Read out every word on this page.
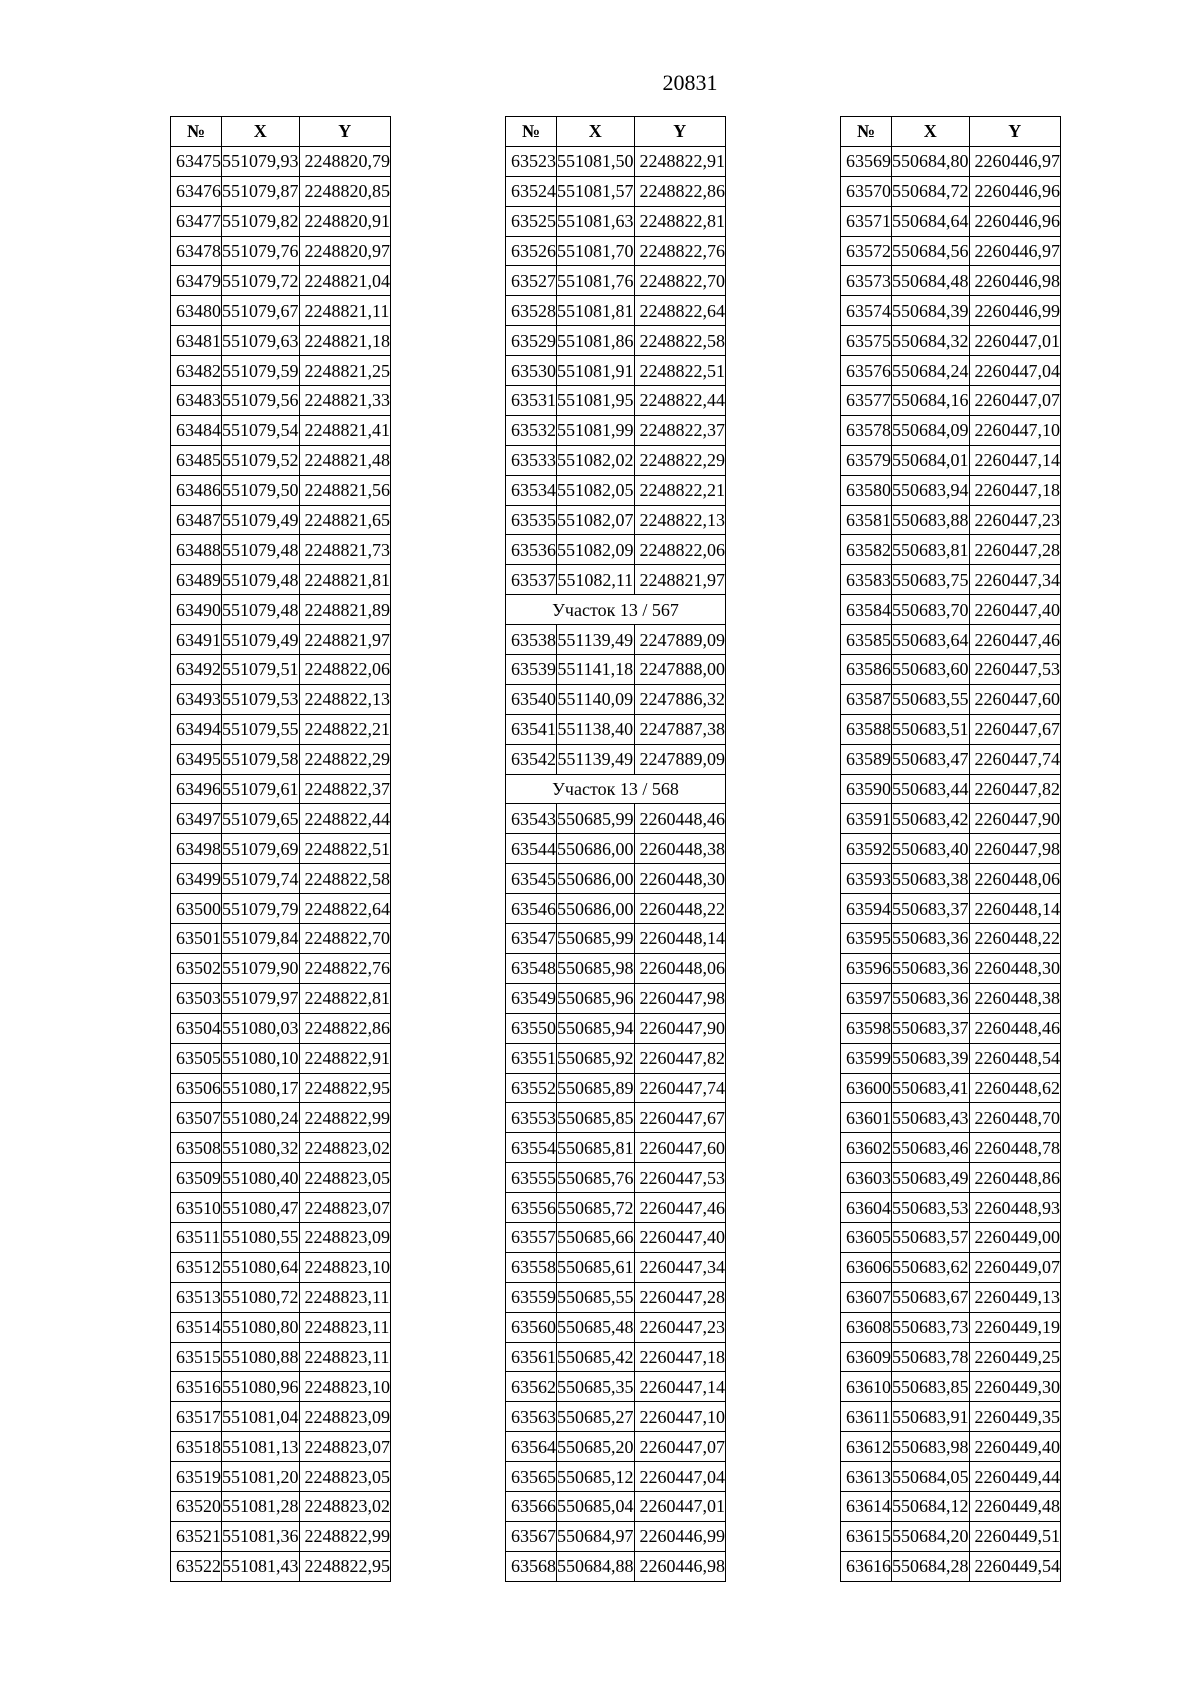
20831
№	X	Y
63475	551079,93	2248820,79
63476	551079,87	2248820,85
63477	551079,82	2248820,91
63478	551079,76	2248820,97
63479	551079,72	2248821,04
63480	551079,67	2248821,11
63481	551079,63	2248821,18
63482	551079,59	2248821,25
63483	551079,56	2248821,33
63484	551079,54	2248821,41
63485	551079,52	2248821,48
63486	551079,50	2248821,56
63487	551079,49	2248821,65
63488	551079,48	2248821,73
63489	551079,48	2248821,81
63490	551079,48	2248821,89
63491	551079,49	2248821,97
63492	551079,51	2248822,06
63493	551079,53	2248822,13
63494	551079,55	2248822,21
63495	551079,58	2248822,29
63496	551079,61	2248822,37
63497	551079,65	2248822,44
63498	551079,69	2248822,51
63499	551079,74	2248822,58
63500	551079,79	2248822,64
63501	551079,84	2248822,70
63502	551079,90	2248822,76
63503	551079,97	2248822,81
63504	551080,03	2248822,86
63505	551080,10	2248822,91
63506	551080,17	2248822,95
63507	551080,24	2248822,99
63508	551080,32	2248823,02
63509	551080,40	2248823,05
63510	551080,47	2248823,07
63511	551080,55	2248823,09
63512	551080,64	2248823,10
63513	551080,72	2248823,11
63514	551080,80	2248823,11
63515	551080,88	2248823,11
63516	551080,96	2248823,10
63517	551081,04	2248823,09
63518	551081,13	2248823,07
63519	551081,20	2248823,05
63520	551081,28	2248823,02
63521	551081,36	2248822,99
63522	551081,43	2248822,95
№	X	Y
63523	551081,50	2248822,91
63524	551081,57	2248822,86
63525	551081,63	2248822,81
63526	551081,70	2248822,76
63527	551081,76	2248822,70
63528	551081,81	2248822,64
63529	551081,86	2248822,58
63530	551081,91	2248822,51
63531	551081,95	2248822,44
63532	551081,99	2248822,37
63533	551082,02	2248822,29
63534	551082,05	2248822,21
63535	551082,07	2248822,13
63536	551082,09	2248822,06
63537	551082,11	2248821,97
Участок 13 / 567		
63538	551139,49	2247889,09
63539	551141,18	2247888,00
63540	551140,09	2247886,32
63541	551138,40	2247887,38
63542	551139,49	2247889,09
Участок 13 / 568		
63543	550685,99	2260448,46
63544	550686,00	2260448,38
63545	550686,00	2260448,30
63546	550686,00	2260448,22
63547	550685,99	2260448,14
63548	550685,98	2260448,06
63549	550685,96	2260447,98
63550	550685,94	2260447,90
63551	550685,92	2260447,82
63552	550685,89	2260447,74
63553	550685,85	2260447,67
63554	550685,81	2260447,60
63555	550685,76	2260447,53
63556	550685,72	2260447,46
63557	550685,66	2260447,40
63558	550685,61	2260447,34
63559	550685,55	2260447,28
63560	550685,48	2260447,23
63561	550685,42	2260447,18
63562	550685,35	2260447,14
63563	550685,27	2260447,10
63564	550685,20	2260447,07
63565	550685,12	2260447,04
63566	550685,04	2260447,01
63567	550684,97	2260446,99
63568	550684,88	2260446,98
№	X	Y
63569	550684,80	2260446,97
63570	550684,72	2260446,96
63571	550684,64	2260446,96
63572	550684,56	2260446,97
63573	550684,48	2260446,98
63574	550684,39	2260446,99
63575	550684,32	2260447,01
63576	550684,24	2260447,04
63577	550684,16	2260447,07
63578	550684,09	2260447,10
63579	550684,01	2260447,14
63580	550683,94	2260447,18
63581	550683,88	2260447,23
63582	550683,81	2260447,28
63583	550683,75	2260447,34
63584	550683,70	2260447,40
63585	550683,64	2260447,46
63586	550683,60	2260447,53
63587	550683,55	2260447,60
63588	550683,51	2260447,67
63589	550683,47	2260447,74
63590	550683,44	2260447,82
63591	550683,42	2260447,90
63592	550683,40	2260447,98
63593	550683,38	2260448,06
63594	550683,37	2260448,14
63595	550683,36	2260448,22
63596	550683,36	2260448,30
63597	550683,36	2260448,38
63598	550683,37	2260448,46
63599	550683,39	2260448,54
63600	550683,41	2260448,62
63601	550683,43	2260448,70
63602	550683,46	2260448,78
63603	550683,49	2260448,86
63604	550683,53	2260448,93
63605	550683,57	2260449,00
63606	550683,62	2260449,07
63607	550683,67	2260449,13
63608	550683,73	2260449,19
63609	550683,78	2260449,25
63610	550683,85	2260449,30
63611	550683,91	2260449,35
63612	550683,98	2260449,40
63613	550684,05	2260449,44
63614	550684,12	2260449,48
63615	550684,20	2260449,51
63616	550684,28	2260449,54
